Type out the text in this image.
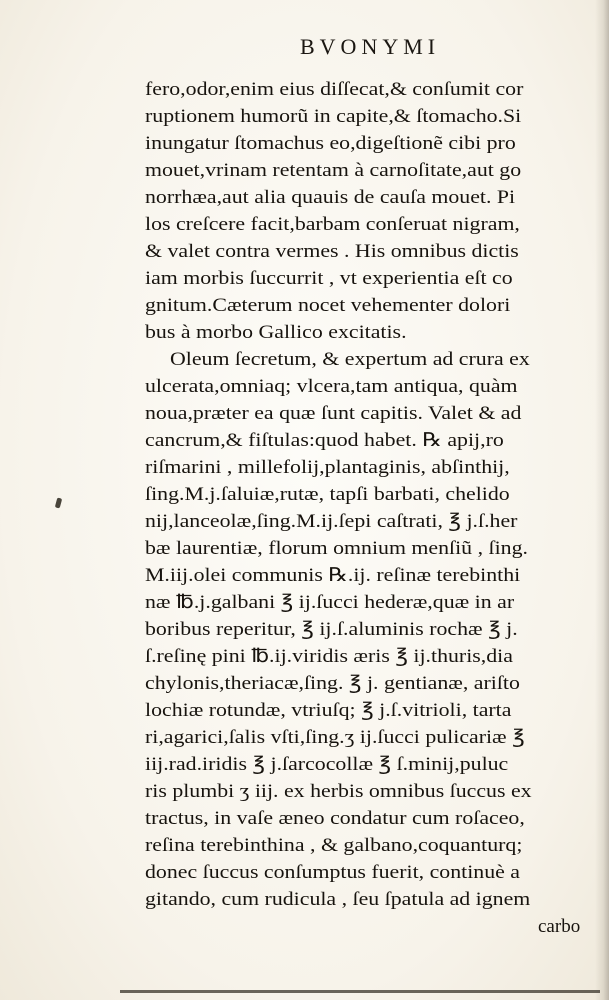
BVONYMI
fero,odor,enim eius diſſecat,& conſumit cor
ruptionem humorũ in capite,& ſtomacho.Si
inungatur ſtomachus eo,digeſtionẽ cibi pro
mouet,vrinam retentam à carnoſitate,aut go
norrhæa,aut alia quauis de cauſa mouet. Pi
los creſcere facit,barbam conſeruat nigram,
& valet contra vermes . His omnibus dictis
iam morbis ſuccurrit , vt experientia eſt co
gnitum.Cæterum nocet vehementer dolori
bus à morbo Gallico excitatis.
Oleum ſecretum, & expertum ad crura ex
ulcerata,omniaq; vlcera,tam antiqua, quàm
noua,præter ea quæ ſunt capitis. Valet & ad
cancrum,& fiſtulas:quod habet. ℞ apij,ro
riſmarini , millefolij,plantaginis, abſinthij,
ſing.M.j.ſaluiæ,rutæ, tapſi barbati, chelido
nij,lanceolæ,ſing.M.ij.ſepi caſtrati, ℥ j.ſ.her
bæ laurentiæ, florum omnium menſiũ , ſing.
M.iij.olei communis ℞.ij. reſinæ terebinthi
næ ℔.j.galbani ℥ ij.ſucci hederæ,quæ in ar
boribus reperitur, ℥ ij.ſ.aluminis rochæ ℥ j.
ſ.reſinę pini ℔.ij.viridis æris ℥ ij.thuris,dia
chylonis,theriacæ,ſing. ℥ j. gentianæ, ariſto
lochiæ rotundæ, vtriuſq; ℥ j.ſ.vitrioli, tarta
ri,agarici,ſalis vſti,ſing.ʒ ij.ſucci pulicariæ ℥
iij.rad.iridis ℥ j.ſarcocollæ ℥ ſ.minij,puluc
ris plumbi ʒ iij. ex herbis omnibus ſuccus ex
tractus, in vaſe æneo condatur cum roſaceo,
reſina terebinthina , & galbano,coquanturq;
donec ſuccus conſumptus fuerit, continuè a
gitando, cum rudicula , ſeu ſpatula ad ignem
carbo
